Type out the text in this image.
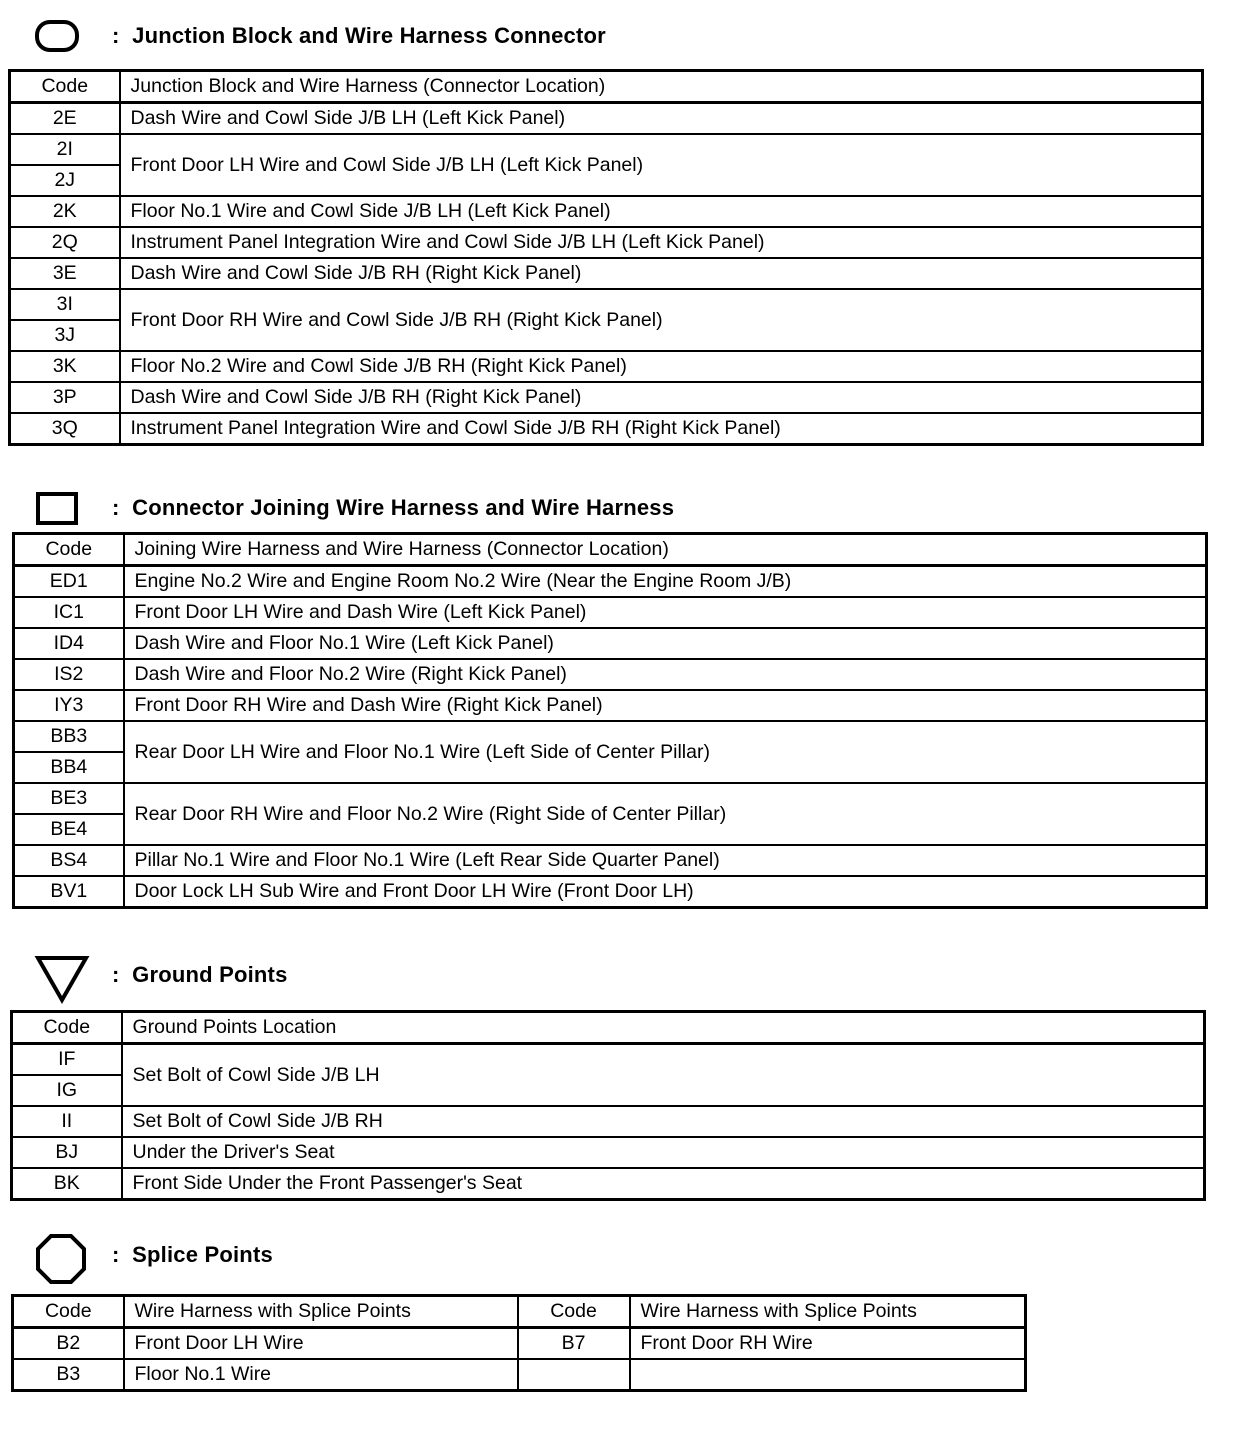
: Junction Block and Wire Harness Connector
Code	Junction Block and Wire Harness (Connector Location)
2E	Dash Wire and Cowl Side J/B LH (Left Kick Panel)
2I	Front Door LH Wire and Cowl Side J/B LH (Left Kick Panel)
2J	
2K	Floor No.1 Wire and Cowl Side J/B LH (Left Kick Panel)
2Q	Instrument Panel Integration Wire and Cowl Side J/B LH (Left Kick Panel)
3E	Dash Wire and Cowl Side J/B RH (Right Kick Panel)
3I	Front Door RH Wire and Cowl Side J/B RH (Right Kick Panel)
3J	
3K	Floor No.2 Wire and Cowl Side J/B RH (Right Kick Panel)
3P	Dash Wire and Cowl Side J/B RH (Right Kick Panel)
3Q	Instrument Panel Integration Wire and Cowl Side J/B RH (Right Kick Panel)
: Connector Joining Wire Harness and Wire Harness
Code	Joining Wire Harness and Wire Harness (Connector Location)
ED1	Engine No.2 Wire and Engine Room No.2 Wire (Near the Engine Room J/B)
IC1	Front Door LH Wire and Dash Wire (Left Kick Panel)
ID4	Dash Wire and Floor No.1 Wire (Left Kick Panel)
IS2	Dash Wire and Floor No.2 Wire (Right Kick Panel)
IY3	Front Door RH Wire and Dash Wire (Right Kick Panel)
BB3	Rear Door LH Wire and Floor No.1 Wire (Left Side of Center Pillar)
BB4	
BE3	Rear Door RH Wire and Floor No.2 Wire (Right Side of Center Pillar)
BE4	
BS4	Pillar No.1 Wire and Floor No.1 Wire (Left Rear Side Quarter Panel)
BV1	Door Lock LH Sub Wire and Front Door LH Wire (Front Door LH)
: Ground Points
Code	Ground Points Location
IF	Set Bolt of Cowl Side J/B LH
IG	
II	Set Bolt of Cowl Side J/B RH
BJ	Under the Driver's Seat
BK	Front Side Under the Front Passenger's Seat
: Splice Points
Code	Wire Harness with Splice Points	Code	Wire Harness with Splice Points
B2	Front Door LH Wire	B7	Front Door RH Wire
B3	Floor No.1 Wire		
